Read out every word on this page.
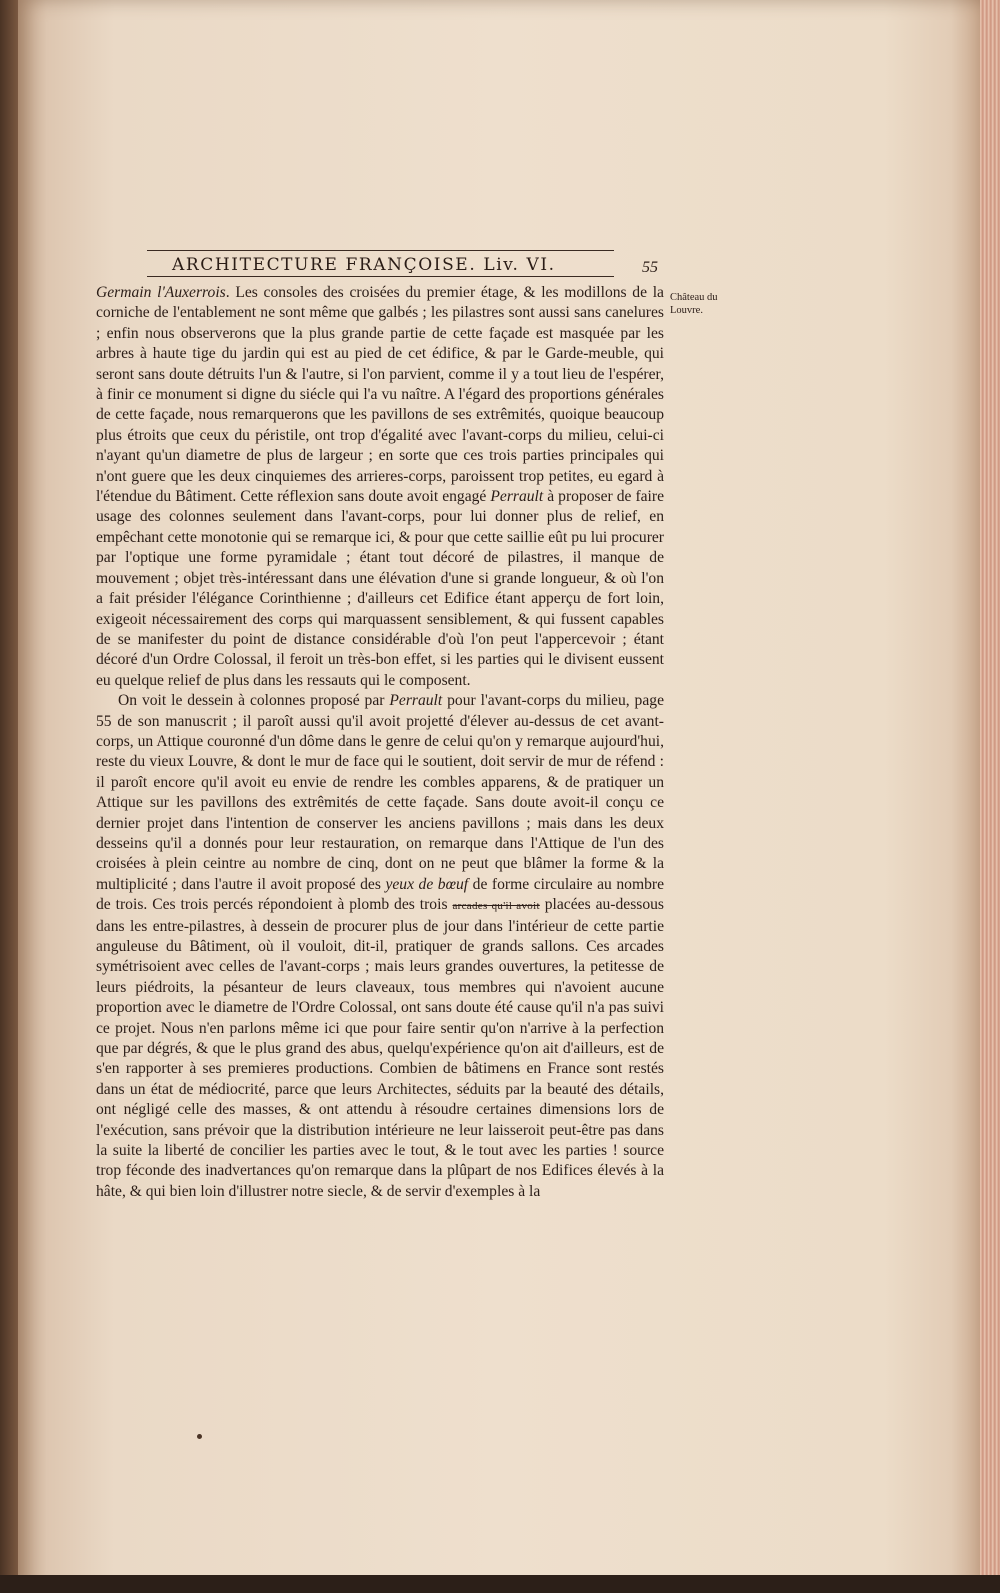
ARCHITECTURE FRANÇOISE. Liv. VI.	55
Château du Louvre.

Germain l'Auxerrois. Les consoles des croisées du premier étage, & les modillons de la corniche de l'entablement ne sont même que galbés ; les pilastres sont aussi sans canelures ; enfin nous observerons que la plus grande partie de cette façade est masquée par les arbres à haute tige du jardin qui est au pied de cet édifice, & par le Garde-meuble, qui seront sans doute détruits l'un & l'autre, si l'on parvient, comme il y a tout lieu de l'espérer, à finir ce monument si digne du siécle qui l'a vu naître. A l'égard des proportions générales de cette façade, nous remarquerons que les pavillons de ses extrêmités, quoique beaucoup plus étroits que ceux du péristile, ont trop d'égalité avec l'avant-corps du milieu, celui-ci n'ayant qu'un diametre de plus de largeur ; en sorte que ces trois parties principales qui n'ont guere que les deux cinquiemes des arrieres-corps, paroissent trop petites, eu egard à l'étendue du Bâtiment. Cette réflexion sans doute avoit engagé Perrault à proposer de faire usage des colonnes seulement dans l'avant-corps, pour lui donner plus de relief, en empêchant cette monotonie qui se remarque ici, & pour que cette saillie eût pu lui procurer par l'optique une forme pyramidale ; étant tout décoré de pilastres, il manque de mouvement ; objet très-intéressant dans une élévation d'une si grande longueur, & où l'on a fait présider l'élégance Corinthienne ; d'ailleurs cet Edifice étant apperçu de fort loin, exigeoit nécessairement des corps qui marquassent sensiblement, & qui fussent capables de se manifester du point de distance considérable d'où l'on peut l'appercevoir ; étant décoré d'un Ordre Colossal, il feroit un très-bon effet, si les parties qui le divisent eussent eu quelque relief de plus dans les ressauts qui le composent.

On voit le dessein à colonnes proposé par Perrault pour l'avant-corps du milieu, page 55 de son manuscrit ; il paroît aussi qu'il avoit projetté d'élever au-dessus de cet avant-corps, un Attique couronné d'un dôme dans le genre de celui qu'on y remarque aujourd'hui, reste du vieux Louvre, & dont le mur de face qui le soutient, doit servir de mur de réfend : il paroît encore qu'il avoit eu envie de rendre les combles apparens, & de pratiquer un Attique sur les pavillons des extrêmités de cette façade. Sans doute avoit-il conçu ce dernier projet dans l'intention de conserver les anciens pavillons ; mais dans les deux desseins qu'il a donnés pour leur restauration, on remarque dans l'Attique de l'un des croisées à plein ceintre au nombre de cinq, dont on ne peut que blâmer la forme & la multiplicité ; dans l'autre il avoit proposé des yeux de bœuf de forme circulaire au nombre de trois. Ces trois percés répondoient à plomb des trois arcades qu'il avoit placées au-dessous dans les entre-pilastres, à dessein de procurer plus de jour dans l'intérieur de cette partie anguleuse du Bâtiment, où il vouloit, dit-il, pratiquer de grands sallons. Ces arcades symétrisoient avec celles de l'avant-corps ; mais leurs grandes ouvertures, la petitesse de leurs piédroits, la pésanteur de leurs claveaux, tous membres qui n'avoient aucune proportion avec le diametre de l'Ordre Colossal, ont sans doute été cause qu'il n'a pas suivi ce projet. Nous n'en parlons même ici que pour faire sentir qu'on n'arrive à la perfection que par dégrés, & que le plus grand des abus, quelqu'expérience qu'on ait d'ailleurs, est de s'en rapporter à ses premieres productions. Combien de bâtimens en France sont restés dans un état de médiocrité, parce que leurs Architectes, séduits par la beauté des détails, ont négligé celle des masses, & ont attendu à résoudre certaines dimensions lors de l'exécution, sans prévoir que la distribution intérieure ne leur laisseroit peut-être pas dans la suite la liberté de concilier les parties avec le tout, & le tout avec les parties ! source trop féconde des inadvertances qu'on remarque dans la plûpart de nos Edifices élevés à la hâte, & qui bien loin d'illustrer notre siecle, & de servir d'exemples à la
